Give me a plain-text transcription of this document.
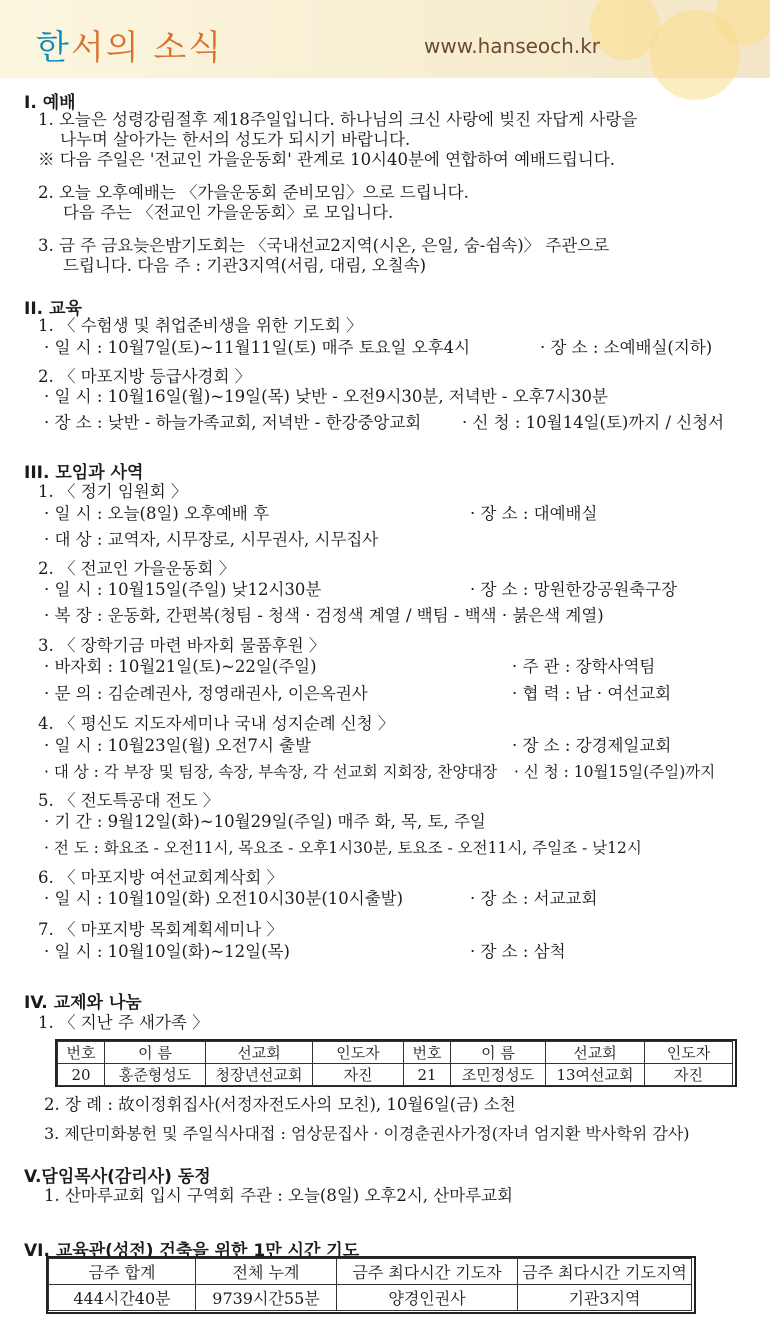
한서의 소식	www.hanseoch.kr
I. 예배
1. 오늘은 성령강림절후 제18주일입니다. 하나님의 크신 사랑에 빚진 자답게 사랑을
나누며 살아가는 한서의 성도가 되시기 바랍니다.
※ 다음 주일은 '전교인 가을운동회' 관계로 10시40분에 연합하여 예배드립니다.
2. 오늘 오후예배는 〈가을운동회 준비모임〉으로 드립니다.
다음 주는 〈전교인 가을운동회〉로 모입니다.
3. 금 주 금요늦은밤기도회는 〈국내선교2지역(시온, 은일, 숨-쉼속)〉 주관으로
드립니다. 다음 주 : 기관3지역(서림, 대림, 오칠속)
II. 교육
1. 〈 수험생 및 취업준비생을 위한 기도회 〉
· 일 시 : 10월7일(토)~11월11일(토) 매주 토요일 오후4시	· 장 소 : 소예배실(지하)
2. 〈 마포지방 등급사경회 〉
· 일 시 : 10월16일(월)~19일(목) 낮반 - 오전9시30분, 저녁반 - 오후7시30분
· 장 소 : 낮반 - 하늘가족교회, 저녁반 - 한강중앙교회 · 신 청 : 10월14일(토)까지 / 신청서
III. 모임과 사역
1. 〈 정기 임원회 〉
· 일 시 : 오늘(8일) 오후예배 후	· 장 소 : 대예배실
· 대 상 : 교역자, 시무장로, 시무권사, 시무집사
2. 〈 전교인 가을운동회 〉
· 일 시 : 10월15일(주일) 낮12시30분	· 장 소 : 망원한강공원축구장
· 복 장 : 운동화, 간편복(청팀 - 청색 · 검정색 계열 / 백팀 - 백색 · 붉은색 계열)
3. 〈 장학기금 마련 바자회 물품후원 〉
· 바자회 : 10월21일(토)~22일(주일)	· 주 관 : 장학사역팀
· 문 의 : 김순례권사, 정영래권사, 이은옥권사	· 협 력 : 남 · 여선교회
4. 〈 평신도 지도자세미나 국내 성지순례 신청 〉
· 일 시 : 10월23일(월) 오전7시 출발	· 장 소 : 강경제일교회
· 대 상 : 각 부장 및 팀장, 속장, 부속장, 각 선교회 지회장, 찬양대장 · 신 청 : 10월15일(주일)까지
5. 〈 전도특공대 전도 〉
· 기 간 : 9월12일(화)~10월29일(주일) 매주 화, 목, 토, 주일
· 전 도 : 화요조 - 오전11시, 목요조 - 오후1시30분, 토요조 - 오전11시, 주일조 - 낮12시
6. 〈 마포지방 여선교회계삭회 〉
· 일 시 : 10월10일(화) 오전10시30분(10시출발)	· 장 소 : 서교교회
7. 〈 마포지방 목회계획세미나 〉
· 일 시 : 10월10일(화)~12일(목)	· 장 소 : 삼척
IV. 교제와 나눔
1. 〈 지난 주 새가족 〉
번호	이 름	선교회	인도자	번호	이 름	선교회	인도자
20	홍준형성도	청장년선교회	자진	21	조민정성도	13여선교회	자진
2. 장 례 : 故이정휘집사(서정자전도사의 모친), 10월6일(금) 소천
3. 제단미화봉헌 및 주일식사대접 : 엄상문집사 · 이경춘권사가정(자녀 엄지환 박사학위 감사)
V.담임목사(감리사) 동정
1. 산마루교회 입시 구역회 주관 : 오늘(8일) 오후2시, 산마루교회
VI. 교육관(성전) 건축을 위한 1만 시간 기도
금주 합계	전체 누계	금주 최다시간 기도자	금주 최다시간 기도지역
444시간40분	9739시간55분	양경인권사	기관3지역
